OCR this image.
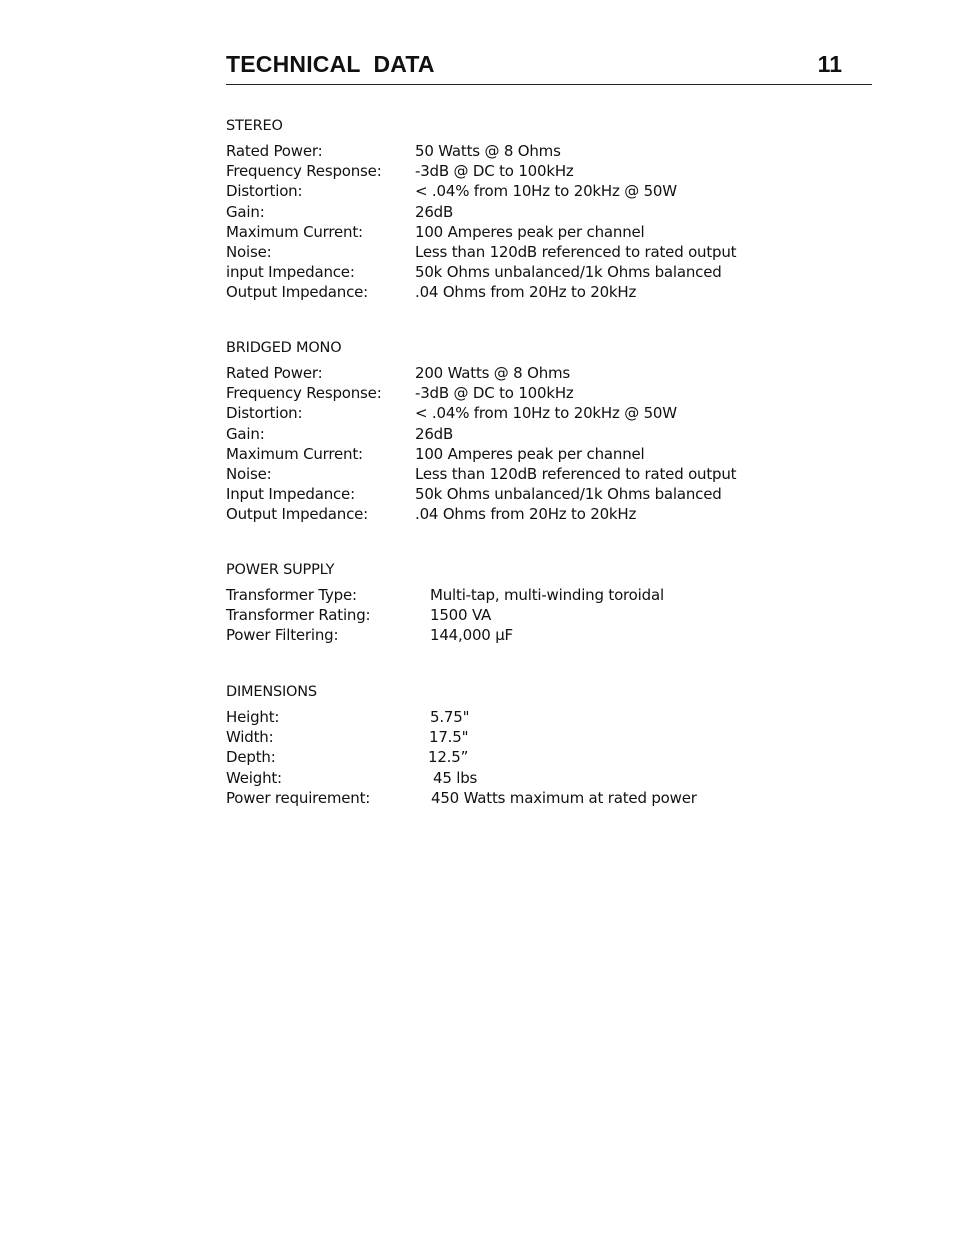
TECHNICAL  DATA	11
STEREO
Rated Power:	50 Watts @ 8 Ohms
Frequency Response: -3dB @ DC to 100kHz
Distortion:	< .04% from 10Hz to 20kHz @ 50W
Gain:	26dB
Maximum Current:	100 Amperes peak per channel
Noise:	Less than 120dB referenced to rated output
input Impedance:	50k Ohms unbalanced/1k Ohms balanced
Output Impedance:	.04 Ohms from 20Hz to 20kHz
BRIDGED MONO
Rated Power:	200 Watts @ 8 Ohms
Frequency Response: -3dB @ DC to 100kHz
Distortion:	< .04% from 10Hz to 20kHz @ 50W
Gain:	26dB
Maximum Current:	100 Amperes peak per channel
Noise:	Less than 120dB referenced to rated output
Input Impedance:	50k Ohms unbalanced/1k Ohms balanced
Output Impedance:	.04 Ohms from 20Hz to 20kHz
POWER SUPPLY
Transformer Type:	Multi-tap, multi-winding toroidal
Transformer Rating:	1500 VA
Power Filtering:	144,000 µF
DIMENSIONS
Height:	5.75"
Width:	17.5"
Depth:	12.5”
Weight:	45 lbs
Power requirement:	450 Watts maximum at rated power
